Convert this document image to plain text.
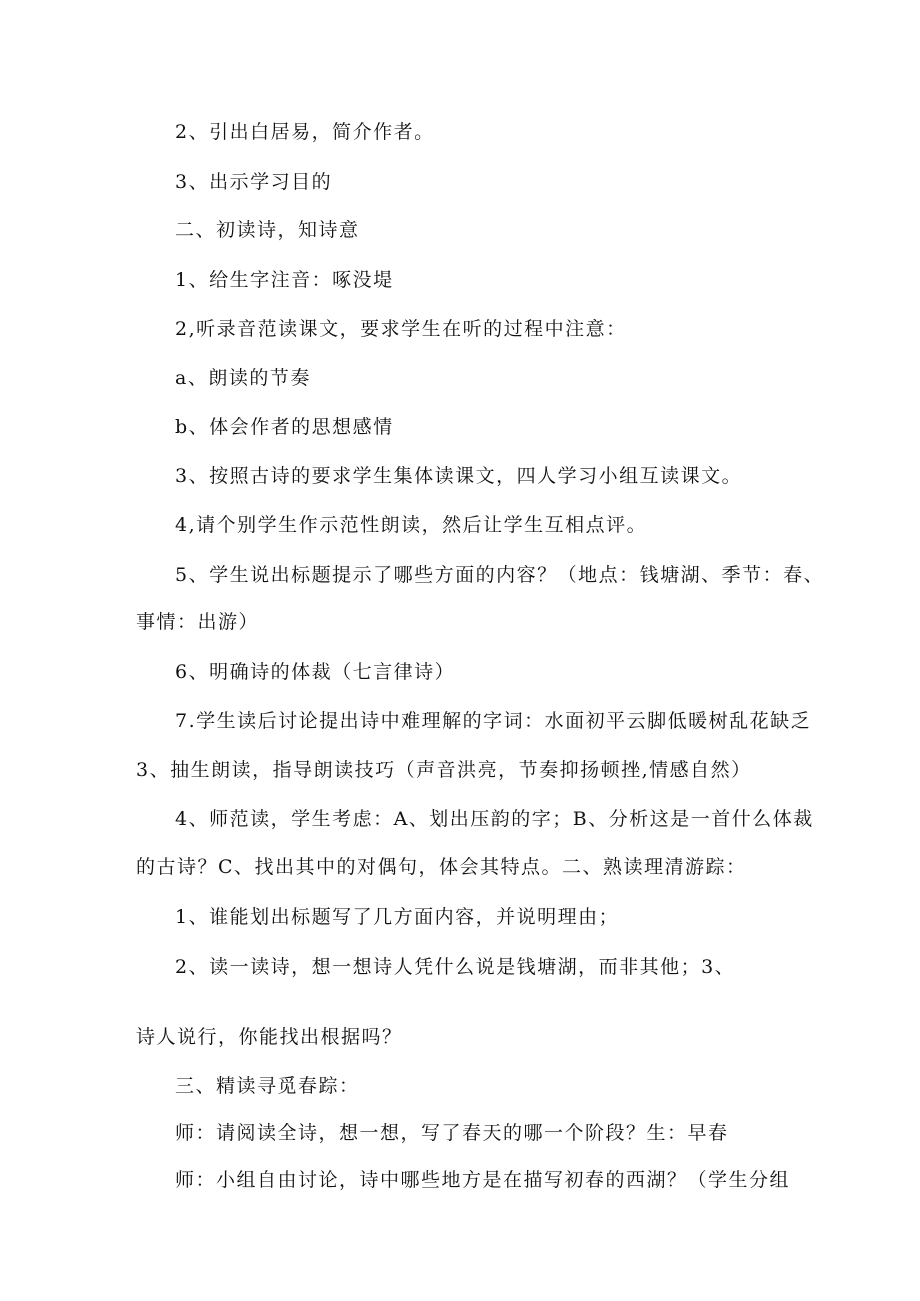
2、引出白居易，简介作者。

3、出示学习目的

二、初读诗，知诗意

1、给生字注音：啄没堤

2,听录音范读课文，要求学生在听的过程中注意：

a、朗读的节奏

b、体会作者的思想感情

3、按照古诗的要求学生集体读课文，四人学习小组互读课文。

4,请个别学生作示范性朗读，然后让学生互相点评。

5、学生说出标题提示了哪些方面的内容？（地点：钱塘湖、季节：春、

事情：出游）

6、明确诗的体裁（七言律诗）

7.学生读后讨论提出诗中难理解的字词：水面初平云脚低暖树乱花缺乏

3、抽生朗读，指导朗读技巧（声音洪亮，节奏抑扬顿挫,情感自然）

4、师范读，学生考虑：A、划出压韵的字；B、分析这是一首什么体裁

的古诗？C、找出其中的对偶句，体会其特点。二、熟读理清游踪：

1、谁能划出标题写了几方面内容，并说明理由；

2、读一读诗，想一想诗人凭什么说是钱塘湖，而非其他；3、

诗人说行，你能找出根据吗？

三、精读寻觅春踪：

师：请阅读全诗，想一想，写了春天的哪一个阶段？生：早春

师：小组自由讨论，诗中哪些地方是在描写初春的西湖？（学生分组
